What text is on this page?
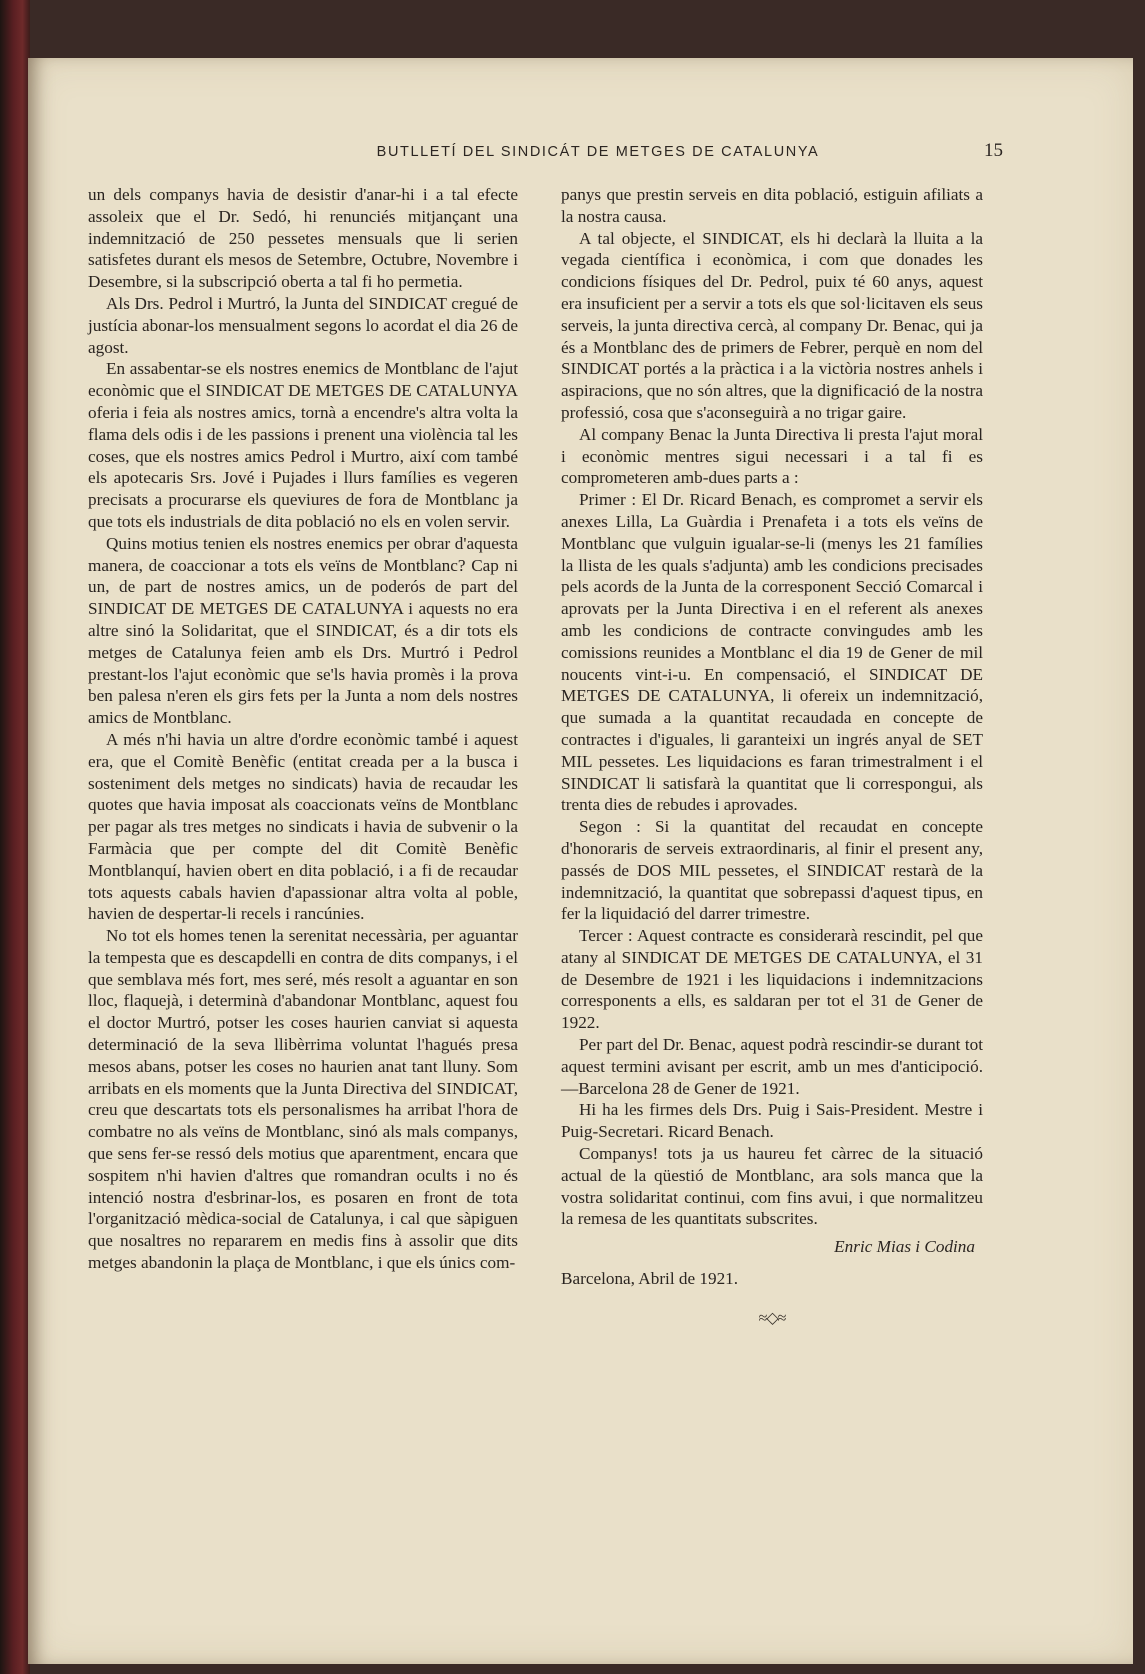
BUTLLETÍ DEL SINDICÁT DE METGES DE CATALUNYA	15

un dels companys havia de desistir d'anar-hi i a tal efecte assoleix que el Dr. Sedó, hi renunciés mitjançant una indemnització de 250 pessetes mensuals que li serien satisfetes durant els mesos de Setembre, Octubre, Novembre i Desembre, si la subscripció oberta a tal fi ho permetia.

Als Drs. Pedrol i Murtró, la Junta del SINDICAT cregué de justícia abonar-los mensualment segons lo acordat el dia 26 de agost.

En assabentar-se els nostres enemics de Montblanc de l'ajut econòmic que el SINDICAT DE METGES DE CATALUNYA oferia i feia als nostres amics, tornà a encendre's altra volta la flama dels odis i de les passions i prenent una violència tal les coses, que els nostres amics Pedrol i Murtro, així com també els apotecaris Srs. Jové i Pujades i llurs famílies es vegeren precisats a procurarse els queviures de fora de Montblanc ja que tots els industrials de dita població no els en volen servir.

Quins motius tenien els nostres enemics per obrar d'aquesta manera, de coaccionar a tots els veïns de Montblanc? Cap ni un, de part de nostres amics, un de poderós de part del SINDICAT DE METGES DE CATALUNYA i aquests no era altre sinó la Solidaritat, que el SINDICAT, és a dir tots els metges de Catalunya feien amb els Drs. Murtró i Pedrol prestant-los l'ajut econòmic que se'ls havia promès i la prova ben palesa n'eren els girs fets per la Junta a nom dels nostres amics de Montblanc.

A més n'hi havia un altre d'ordre econòmic també i aquest era, que el Comitè Benèfic (entitat creada per a la busca i sosteniment dels metges no sindicats) havia de recaudar les quotes que havia imposat als coaccionats veïns de Montblanc per pagar als tres metges no sindicats i havia de subvenir o la Farmàcia que per compte del dit Comitè Benèfic Montblanquí, havien obert en dita població, i a fi de recaudar tots aquests cabals havien d'apassionar altra volta al poble, havien de despertar-li recels i rancúnies.

No tot els homes tenen la serenitat necessària, per aguantar la tempesta que es descapdelli en contra de dits companys, i el que semblava més fort, mes seré, més resolt a aguantar en son lloc, flaquejà, i determinà d'abandonar Montblanc, aquest fou el doctor Murtró, potser les coses haurien canviat si aquesta determinació de la seva llibèrrima voluntat l'hagués presa mesos abans, potser les coses no haurien anat tant lluny. Som arribats en els moments que la Junta Directiva del SINDICAT, creu que descartats tots els personalismes ha arribat l'hora de combatre no als veïns de Montblanc, sinó als mals companys, que sens fer-se ressó dels motius que aparentment, encara que sospitem n'hi havien d'altres que romandran ocults i no és intenció nostra d'esbrinar-los, es posaren en front de tota l'organització mèdica-social de Catalunya, i cal que sàpiguen que nosaltres no repararem en medis fins à assolir que dits metges abandonin la plaça de Montblanc, i que els únics com-

panys que prestin serveis en dita població, estiguin afiliats a la nostra causa.

A tal objecte, el SINDICAT, els hi declarà la lluita a la vegada científica i econòmica, i com que donades les condicions físiques del Dr. Pedrol, puix té 60 anys, aquest era insuficient per a servir a tots els que sol·licitaven els seus serveis, la junta directiva cercà, al company Dr. Benac, qui ja és a Montblanc des de primers de Febrer, perquè en nom del SINDICAT portés a la pràctica i a la victòria nostres anhels i aspiracions, que no són altres, que la dignificació de la nostra professió, cosa que s'aconseguirà a no trigar gaire.

Al company Benac la Junta Directiva li presta l'ajut moral i econòmic mentres sigui necessari i a tal fi es comprometeren amb-dues parts a :

Primer : El Dr. Ricard Benach, es compromet a servir els anexes Lilla, La Guàrdia i Prenafeta i a tots els veïns de Montblanc que vulguin igualar-se-li (menys les 21 famílies la llista de les quals s'adjunta) amb les condicions precisades pels acords de la Junta de la corresponent Secció Comarcal i aprovats per la Junta Directiva i en el referent als anexes amb les condicions de contracte convingudes amb les comissions reunides a Montblanc el dia 19 de Gener de mil noucents vint-i-u. En compensació, el SINDICAT DE METGES DE CATALUNYA, li ofereix un indemnització, que sumada a la quantitat recaudada en concepte de contractes i d'iguales, li garanteixi un ingrés anyal de SET MIL pessetes. Les liquidacions es faran trimestralment i el SINDICAT li satisfarà la quantitat que li correspongui, als trenta dies de rebudes i aprovades.

Segon : Si la quantitat del recaudat en concepte d'honoraris de serveis extraordinaris, al finir el present any, passés de DOS MIL pessetes, el SINDICAT restarà de la indemnització, la quantitat que sobrepassi d'aquest tipus, en fer la liquidació del darrer trimestre.

Tercer : Aquest contracte es considerarà rescindit, pel que atany al SINDICAT DE METGES DE CATALUNYA, el 31 de Desembre de 1921 i les liquidacions i indemnitzacions corresponents a ells, es saldaran per tot el 31 de Gener de 1922.

Per part del Dr. Benac, aquest podrà rescindir-se durant tot aquest termini avisant per escrit, amb un mes d'anticipoció.—Barcelona 28 de Gener de 1921.

Hi ha les firmes dels Drs. Puig i Sais-President. Mestre i Puig-Secretari. Ricard Benach.

Companys! tots ja us haureu fet càrrec de la situació actual de la qüestió de Montblanc, ara sols manca que la vostra solidaritat continui, com fins avui, i que normalitzeu la remesa de les quantitats subscrites.

Enric Mias i Codina

Barcelona, Abril de 1921.

≈◇≈
